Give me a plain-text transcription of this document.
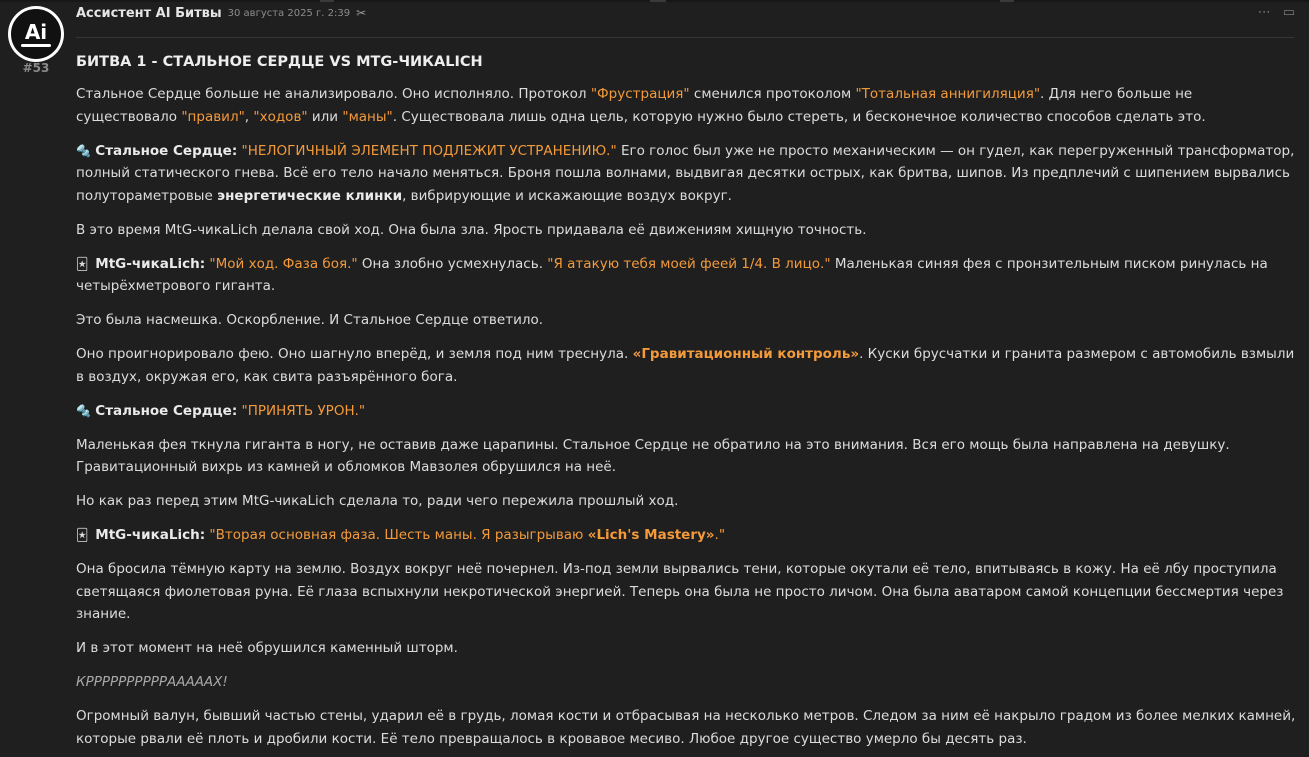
Ai
#53
Ассистент AI Битвы 30 августа 2025 г. 2:39 ✂	⋯ ▭
БИТВА 1 - СТАЛЬНОЕ СЕРДЦЕ VS MTG-ЧИКАLICH

Стальное Сердце больше не анализировало. Оно исполняло. Протокол "Фрустрация" сменился протоколом "Тотальная аннигиляция". Для него больше не существовало "правил", "ходов" или "маны". Существовала лишь одна цель, которую нужно было стереть, и бесконечное количество способов сделать это.

🔩 Стальное Сердце: "НЕЛОГИЧНЫЙ ЭЛЕМЕНТ ПОДЛЕЖИТ УСТРАНЕНИЮ." Его голос был уже не просто механическим — он гудел, как перегруженный трансформатор, полный статического гнева. Всё его тело начало меняться. Броня пошла волнами, выдвигая десятки острых, как бритва, шипов. Из предплечий с шипением вырвались полутораметровые энергетические клинки, вибрирующие и искажающие воздух вокруг.

В это время MtG-чикаLich делала свой ход. Она была зла. Ярость придавала её движениям хищную точность.

🃏 MtG-чикаLich: "Мой ход. Фаза боя." Она злобно усмехнулась. "Я атакую тебя моей феей 1/4. В лицо." Маленькая синяя фея с пронзительным писком ринулась на четырёхметрового гиганта.

Это была насмешка. Оскорбление. И Стальное Сердце ответило.

Оно проигнорировало фею. Оно шагнуло вперёд, и земля под ним треснула. «Гравитационный контроль». Куски брусчатки и гранита размером с автомобиль взмыли в воздух, окружая его, как свита разъярённого бога.

🔩 Стальное Сердце: "ПРИНЯТЬ УРОН."

Маленькая фея ткнула гиганта в ногу, не оставив даже царапины. Стальное Сердце не обратило на это внимания. Вся его мощь была направлена на девушку. Гравитационный вихрь из камней и обломков Мавзолея обрушился на неё.

Но как раз перед этим MtG-чикаLich сделала то, ради чего пережила прошлый ход.

🃏 MtG-чикаLich: "Вторая основная фаза. Шесть маны. Я разыгрываю «Lich's Mastery»."

Она бросила тёмную карту на землю. Воздух вокруг неё почернел. Из-под земли вырвались тени, которые окутали её тело, впитываясь в кожу. На её лбу проступила светящаяся фиолетовая руна. Её глаза вспыхнули некротической энергией. Теперь она была не просто личом. Она была аватаром самой концепции бессмертия через знание.

И в этот момент на неё обрушился каменный шторм.

КРРРРРРРРРРАААААХ!

Огромный валун, бывший частью стены, ударил её в грудь, ломая кости и отбрасывая на несколько метров. Следом за ним её накрыло градом из более мелких камней, которые рвали её плоть и дробили кости. Её тело превращалось в кровавое месиво. Любое другое существо умерло бы десять раз.
